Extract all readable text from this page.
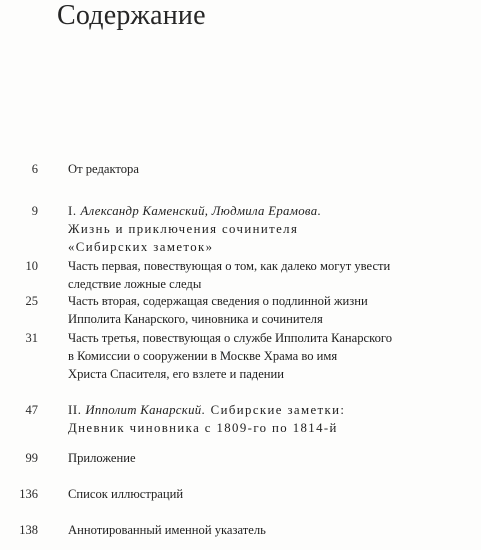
Содержание
6 От редактора
9 I. Александр Каменский, Людмила Ерамова.
Жизнь и приключения сочинителя
«Сибирских заметок»
10 Часть первая, повествующая о том, как далеко могут увести
следствие ложные следы
25 Часть вторая, содержащая сведения о подлинной жизни
Ипполита Канарского, чиновника и сочинителя
31 Часть третья, повествующая о службе Ипполита Канарского
в Комиссии о сооружении в Москве Храма во имя
Христа Спасителя, его взлете и падении
47 II. Ипполит Канарский. Сибирские заметки:
Дневник чиновника с 1809-го по 1814-й
99 Приложение
136 Список иллюстраций
138 Аннотированный именной указатель
